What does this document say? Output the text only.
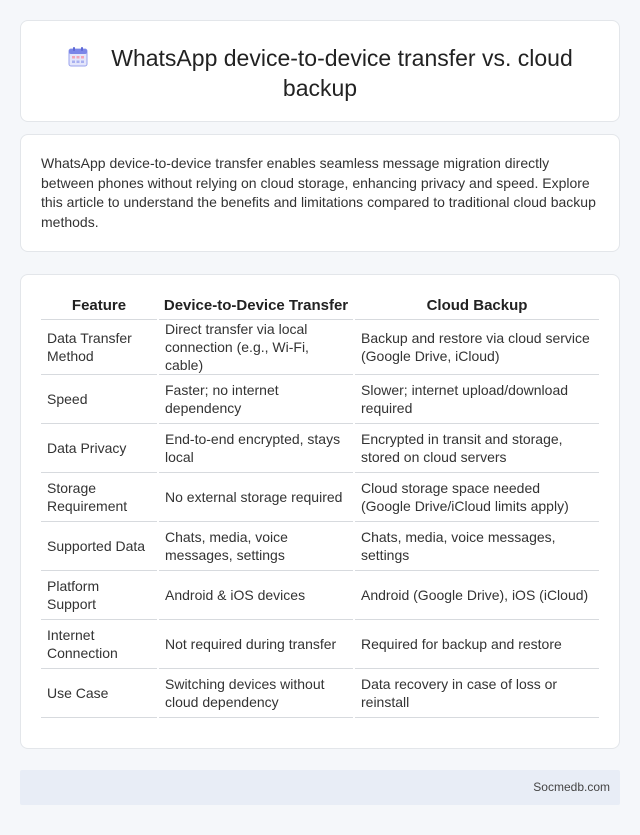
WhatsApp device-to-device transfer vs. cloud backup

WhatsApp device-to-device transfer enables seamless message migration directly between phones without relying on cloud storage, enhancing privacy and speed. Explore this article to understand the benefits and limitations compared to traditional cloud backup methods.

Feature	Device-to-Device Transfer	Cloud Backup
Data Transfer Method	Direct transfer via local connection (e.g., Wi-Fi, cable)	Backup and restore via cloud service (Google Drive, iCloud)
Speed	Faster; no internet dependency	Slower; internet upload/download required
Data Privacy	End-to-end encrypted, stays local	Encrypted in transit and storage, stored on cloud servers
Storage Requirement	No external storage required	Cloud storage space needed (Google Drive/iCloud limits apply)
Supported Data	Chats, media, voice messages, settings	Chats, media, voice messages, settings
Platform Support	Android & iOS devices	Android (Google Drive), iOS (iCloud)
Internet Connection	Not required during transfer	Required for backup and restore
Use Case	Switching devices without cloud dependency	Data recovery in case of loss or reinstall
Socmedb.com
